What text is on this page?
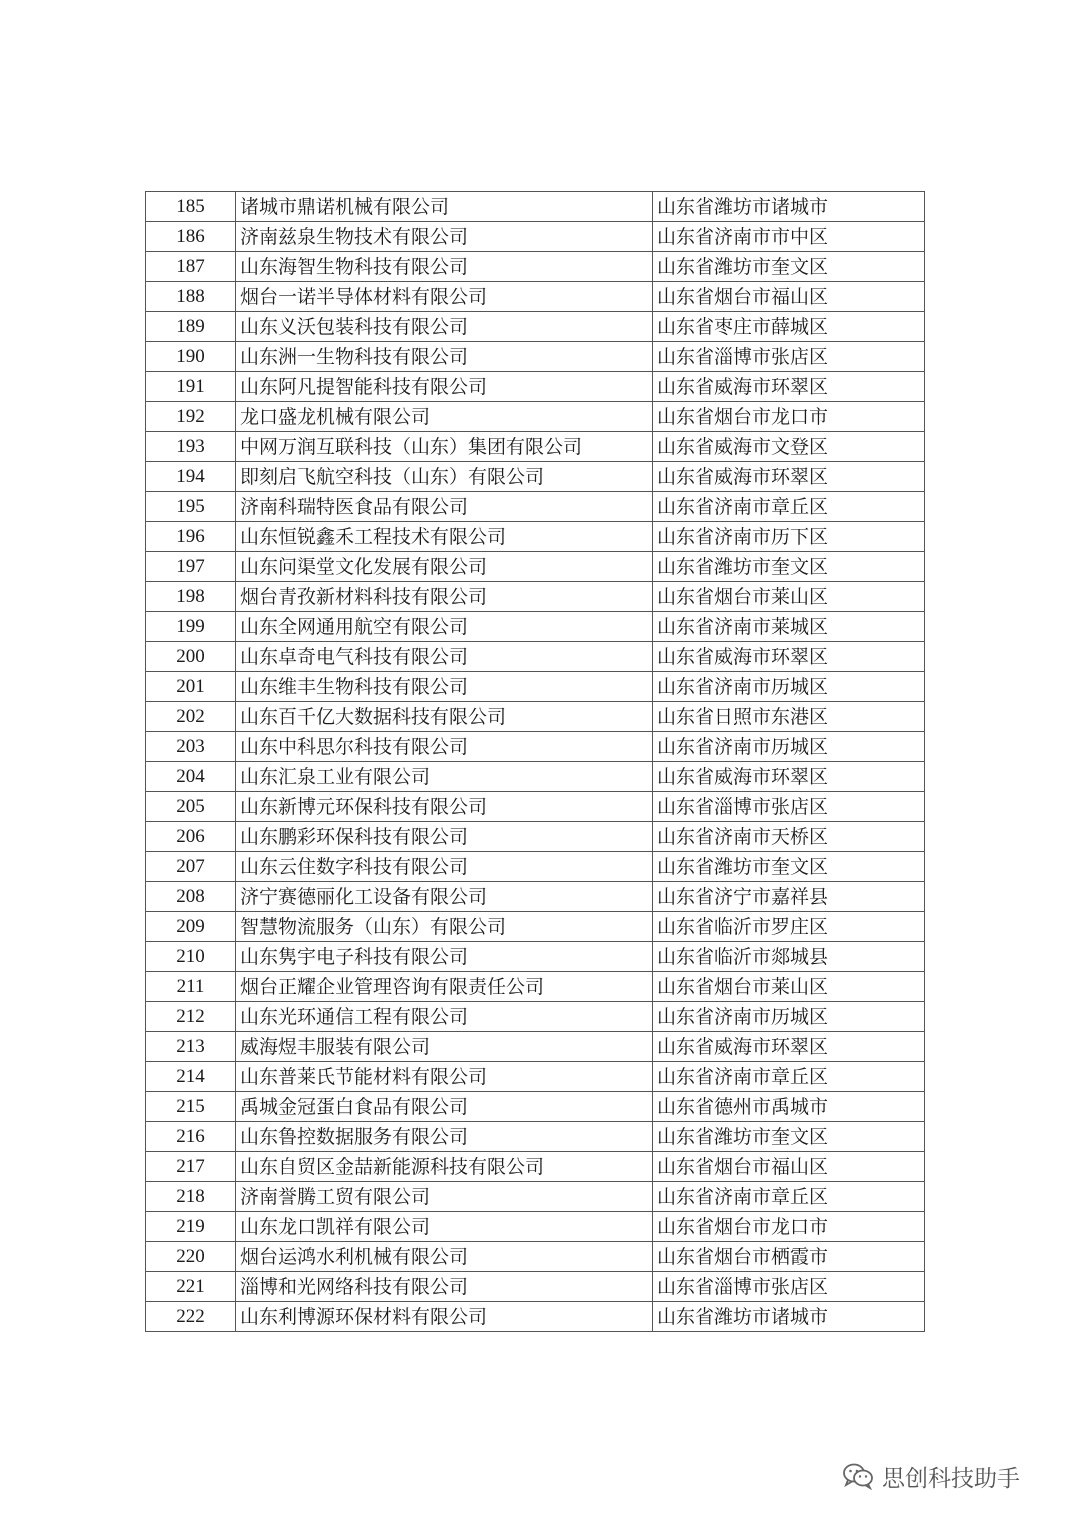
185	诸城市鼎诺机械有限公司	山东省潍坊市诸城市
186	济南兹泉生物技术有限公司	山东省济南市市中区
187	山东海智生物科技有限公司	山东省潍坊市奎文区
188	烟台一诺半导体材料有限公司	山东省烟台市福山区
189	山东义沃包装科技有限公司	山东省枣庄市薛城区
190	山东洲一生物科技有限公司	山东省淄博市张店区
191	山东阿凡提智能科技有限公司	山东省威海市环翠区
192	龙口盛龙机械有限公司	山东省烟台市龙口市
193	中网万润互联科技（山东）集团有限公司	山东省威海市文登区
194	即刻启飞航空科技（山东）有限公司	山东省威海市环翠区
195	济南科瑞特医食品有限公司	山东省济南市章丘区
196	山东恒锐鑫禾工程技术有限公司	山东省济南市历下区
197	山东问渠堂文化发展有限公司	山东省潍坊市奎文区
198	烟台青孜新材料科技有限公司	山东省烟台市莱山区
199	山东全网通用航空有限公司	山东省济南市莱城区
200	山东卓奇电气科技有限公司	山东省威海市环翠区
201	山东维丰生物科技有限公司	山东省济南市历城区
202	山东百千亿大数据科技有限公司	山东省日照市东港区
203	山东中科思尔科技有限公司	山东省济南市历城区
204	山东汇泉工业有限公司	山东省威海市环翠区
205	山东新博元环保科技有限公司	山东省淄博市张店区
206	山东鹏彩环保科技有限公司	山东省济南市天桥区
207	山东云住数字科技有限公司	山东省潍坊市奎文区
208	济宁赛德丽化工设备有限公司	山东省济宁市嘉祥县
209	智慧物流服务（山东）有限公司	山东省临沂市罗庄区
210	山东隽宇电子科技有限公司	山东省临沂市郯城县
211	烟台正耀企业管理咨询有限责任公司	山东省烟台市莱山区
212	山东光环通信工程有限公司	山东省济南市历城区
213	威海煜丰服装有限公司	山东省威海市环翠区
214	山东普莱氏节能材料有限公司	山东省济南市章丘区
215	禹城金冠蛋白食品有限公司	山东省德州市禹城市
216	山东鲁控数据服务有限公司	山东省潍坊市奎文区
217	山东自贸区金喆新能源科技有限公司	山东省烟台市福山区
218	济南誉腾工贸有限公司	山东省济南市章丘区
219	山东龙口凯祥有限公司	山东省烟台市龙口市
220	烟台运鸿水利机械有限公司	山东省烟台市栖霞市
221	淄博和光网络科技有限公司	山东省淄博市张店区
222	山东利博源环保材料有限公司	山东省潍坊市诸城市
思创科技助手
